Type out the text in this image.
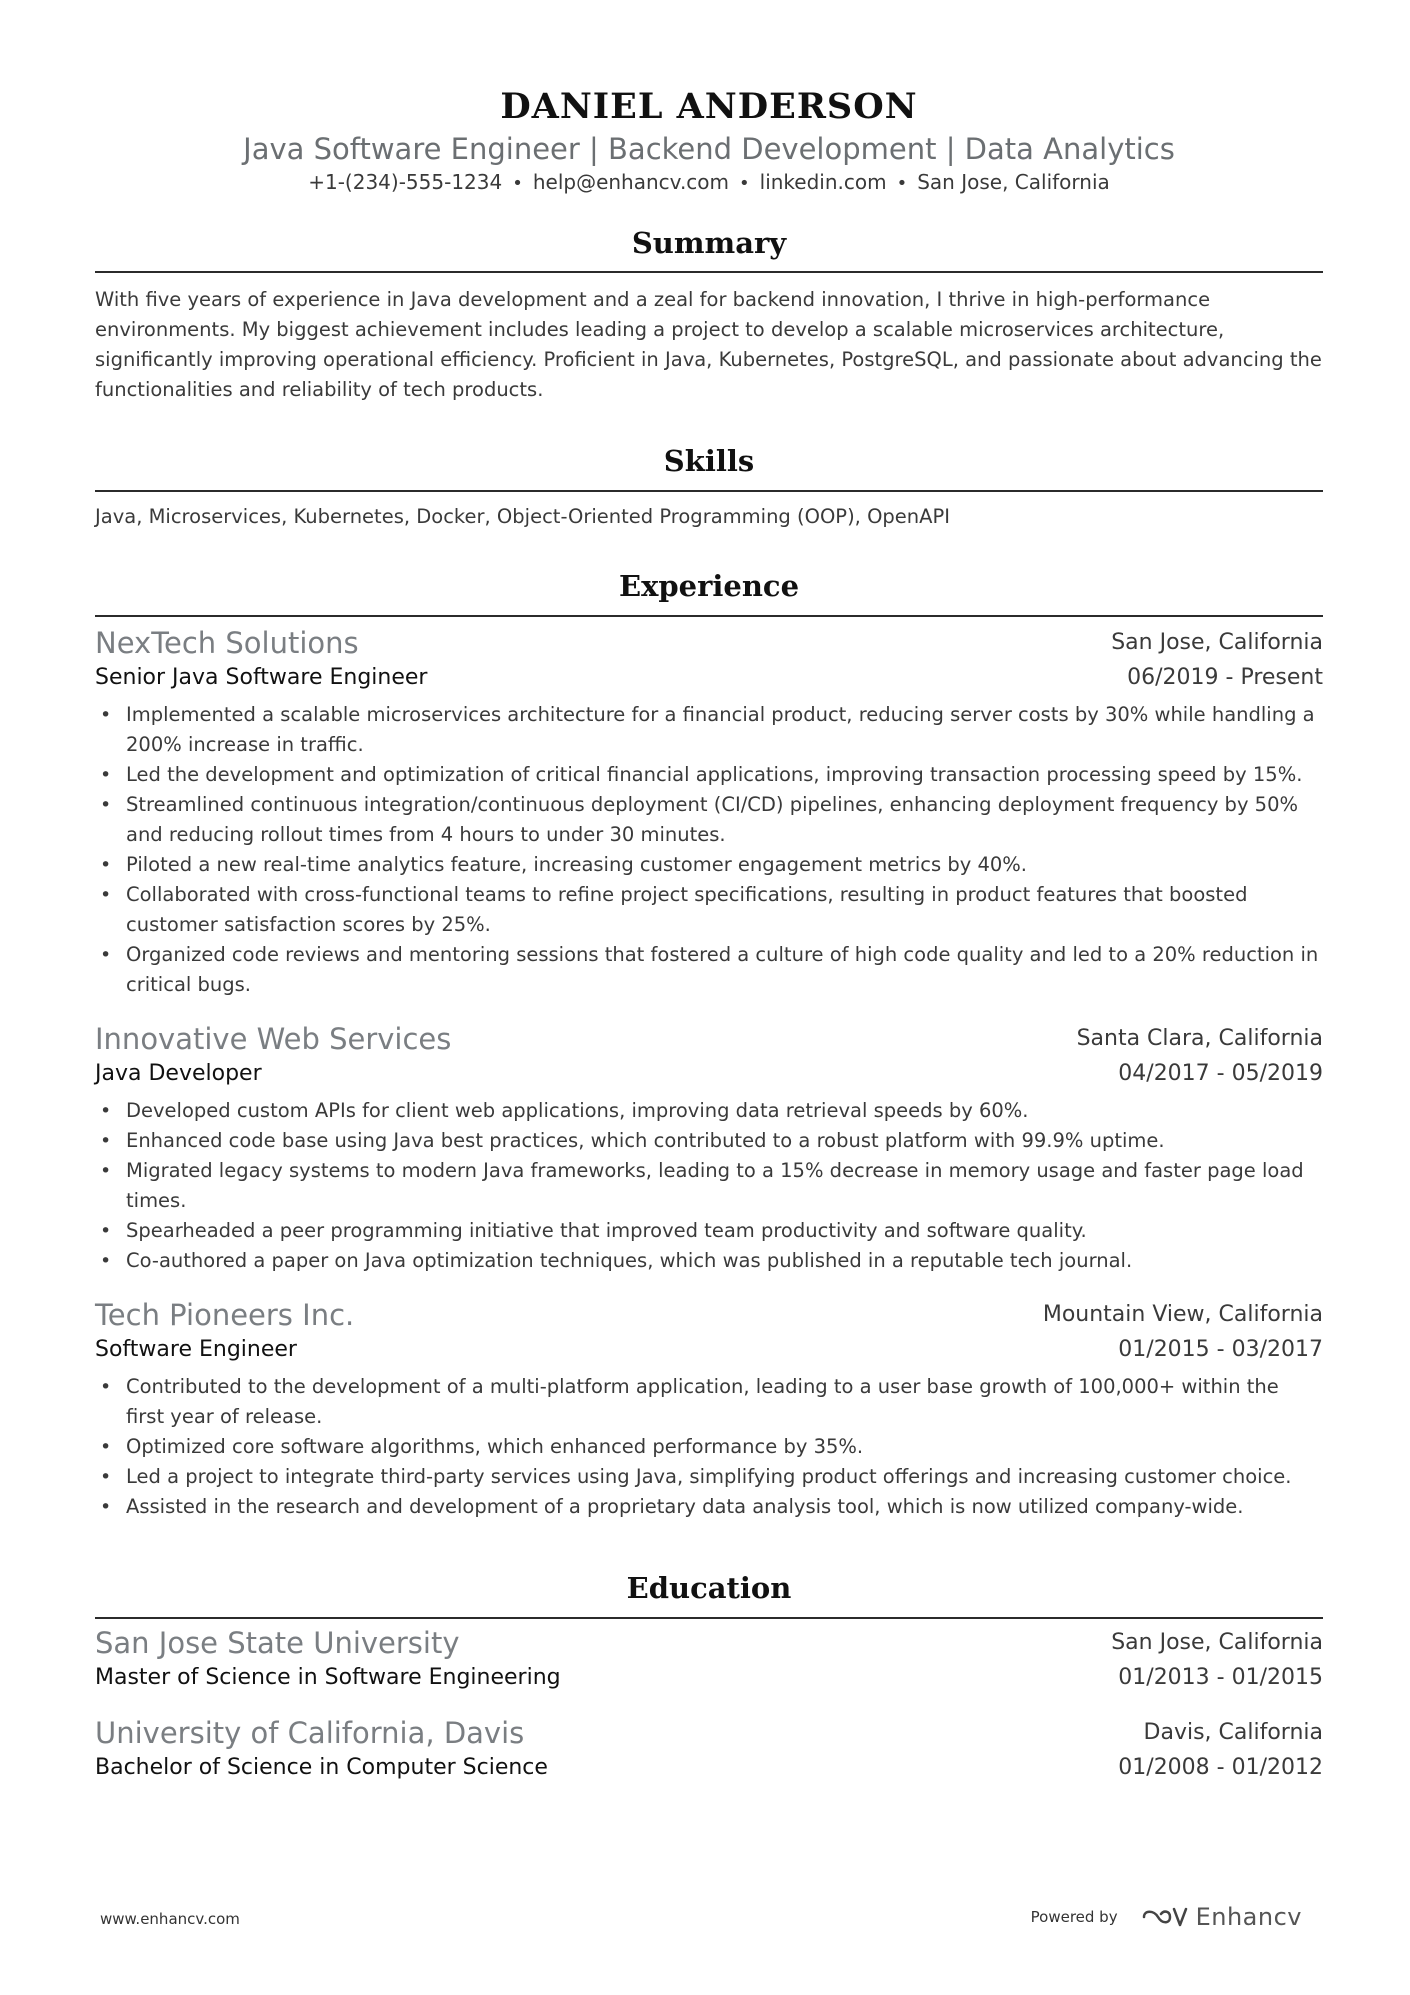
DANIEL ANDERSON
Java Software Engineer | Backend Development | Data Analytics
+1-(234)-555-1234 • help@enhancv.com • linkedin.com • San Jose, California
Summary
With five years of experience in Java development and a zeal for backend innovation, I thrive in high-performance environments. My biggest achievement includes leading a project to develop a scalable microservices architecture, significantly improving operational efficiency. Proficient in Java, Kubernetes, PostgreSQL, and passionate about advancing the functionalities and reliability of tech products.
Skills
Java, Microservices, Kubernetes, Docker, Object-Oriented Programming (OOP), OpenAPI
Experience
NexTech Solutions	San Jose, California
Senior Java Software Engineer	06/2019 - Present
• Implemented a scalable microservices architecture for a financial product, reducing server costs by 30% while handling a 200% increase in traffic.
• Led the development and optimization of critical financial applications, improving transaction processing speed by 15%.
• Streamlined continuous integration/continuous deployment (CI/CD) pipelines, enhancing deployment frequency by 50% and reducing rollout times from 4 hours to under 30 minutes.
• Piloted a new real-time analytics feature, increasing customer engagement metrics by 40%.
• Collaborated with cross-functional teams to refine project specifications, resulting in product features that boosted customer satisfaction scores by 25%.
• Organized code reviews and mentoring sessions that fostered a culture of high code quality and led to a 20% reduction in critical bugs.
Innovative Web Services	Santa Clara, California
Java Developer	04/2017 - 05/2019
• Developed custom APIs for client web applications, improving data retrieval speeds by 60%.
• Enhanced code base using Java best practices, which contributed to a robust platform with 99.9% uptime.
• Migrated legacy systems to modern Java frameworks, leading to a 15% decrease in memory usage and faster page load times.
• Spearheaded a peer programming initiative that improved team productivity and software quality.
• Co-authored a paper on Java optimization techniques, which was published in a reputable tech journal.
Tech Pioneers Inc.	Mountain View, California
Software Engineer	01/2015 - 03/2017
• Contributed to the development of a multi-platform application, leading to a user base growth of 100,000+ within the first year of release.
• Optimized core software algorithms, which enhanced performance by 35%.
• Led a project to integrate third-party services using Java, simplifying product offerings and increasing customer choice.
• Assisted in the research and development of a proprietary data analysis tool, which is now utilized company-wide.
Education
San Jose State University	San Jose, California
Master of Science in Software Engineering	01/2013 - 01/2015
University of California, Davis	Davis, California
Bachelor of Science in Computer Science	01/2008 - 01/2012
www.enhancv.com	Powered by	Enhancv
